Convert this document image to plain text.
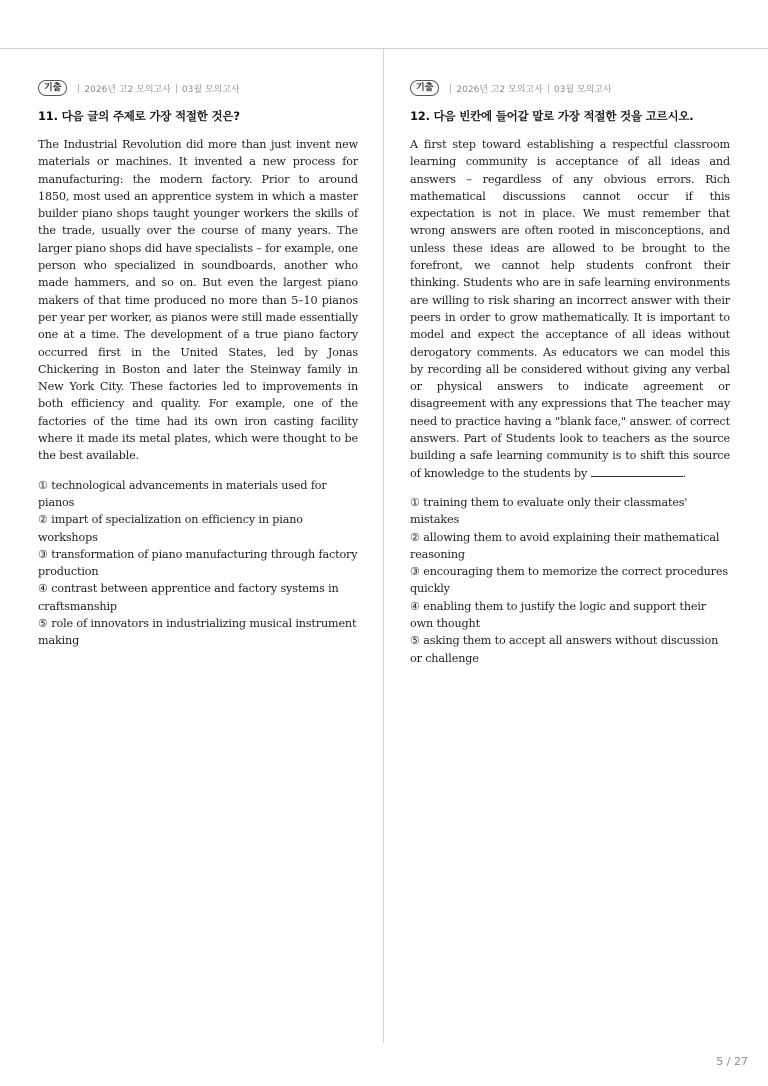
기출	2026년 고2 모의고사 03월 모의고사
11. 다음 글의 주제로 가장 적절한 것은?
The Industrial Revolution did more than just invent new materials or machines. It invented a new process for manufacturing: the modern factory. Prior to around 1850, most used an apprentice system in which a master builder piano shops taught younger workers the skills of the trade, usually over the course of many years. The larger piano shops did have specialists – for example, one person who specialized in soundboards, another who made hammers, and so on. But even the largest piano makers of that time produced no more than 5–10 pianos per year per worker, as pianos were still made essentially one at a time. The development of a true piano factory occurred first in the United States, led by Jonas Chickering in Boston and later the Steinway family in New York City. These factories led to improvements in both efficiency and quality. For example, one of the factories of the time had its own iron casting facility where it made its metal plates, which were thought to be the best available.

① technological advancements in materials used for pianos

② impart of specialization on efficiency in piano workshops

③ transformation of piano manufacturing through factory production

④ contrast between apprentice and factory systems in craftsmanship

⑤ role of innovators in industrializing musical instrument making

기출	2026년 고2 모의고사 03월 모의고사
12. 다음 빈칸에 들어갈 말로 가장 적절한 것을 고르시오.
A first step toward establishing a respectful classroom learning community is acceptance of all ideas and answers – regardless of any obvious errors. Rich mathematical discussions cannot occur if this expectation is not in place. We must remember that wrong answers are often rooted in misconceptions, and unless these ideas are allowed to be brought to the forefront, we cannot help students confront their thinking. Students who are in safe learning environments are willing to risk sharing an incorrect answer with their peers in order to grow mathematically. It is important to model and expect the acceptance of all ideas without derogatory comments. As educators we can model this by recording all be considered without giving any verbal or physical answers to indicate agreement or disagreement with any expressions that The teacher may need to practice having a "blank face," answer. of correct answers. Part of Students look to teachers as the source building a safe learning community is to shift this source of knowledge to the students by	.

① training them to evaluate only their classmates' mistakes

② allowing them to avoid explaining their mathematical reasoning

③ encouraging them to memorize the correct procedures quickly

④ enabling them to justify the logic and support their own thought

⑤ asking them to accept all answers without discussion or challenge

5 / 27
